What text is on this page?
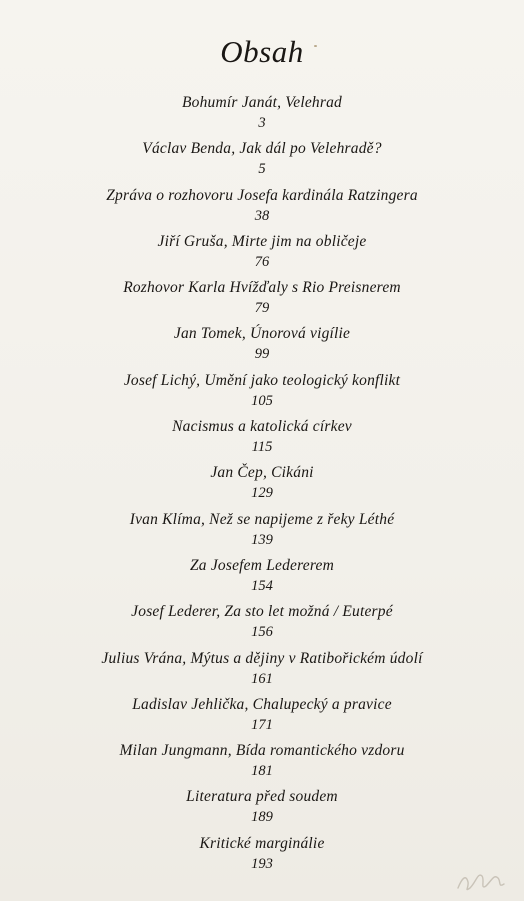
Obsah
Bohumír Janát, Velehrad
3
Václav Benda, Jak dál po Velehradě?
5
Zpráva o rozhovoru Josefa kardinála Ratzingera
38
Jiří Gruša, Mirte jim na obličeje
76
Rozhovor Karla Hvížďaly s Rio Preisnerem
79
Jan Tomek, Únorová vigílie
99
Josef Lichý, Umění jako teologický konflikt
105
Nacismus a katolická církev
115
Jan Čep, Cikáni
129
Ivan Klíma, Než se napijeme z řeky Léthé
139
Za Josefem Ledererem
154
Josef Lederer, Za sto let možná / Euterpé
156
Julius Vrána, Mýtus a dějiny v Ratibořickém údolí
161
Ladislav Jehlička, Chalupecký a pravice
171
Milan Jungmann, Bída romantického vzdoru
181
Literatura před soudem
189
Kritické marginálie
193
